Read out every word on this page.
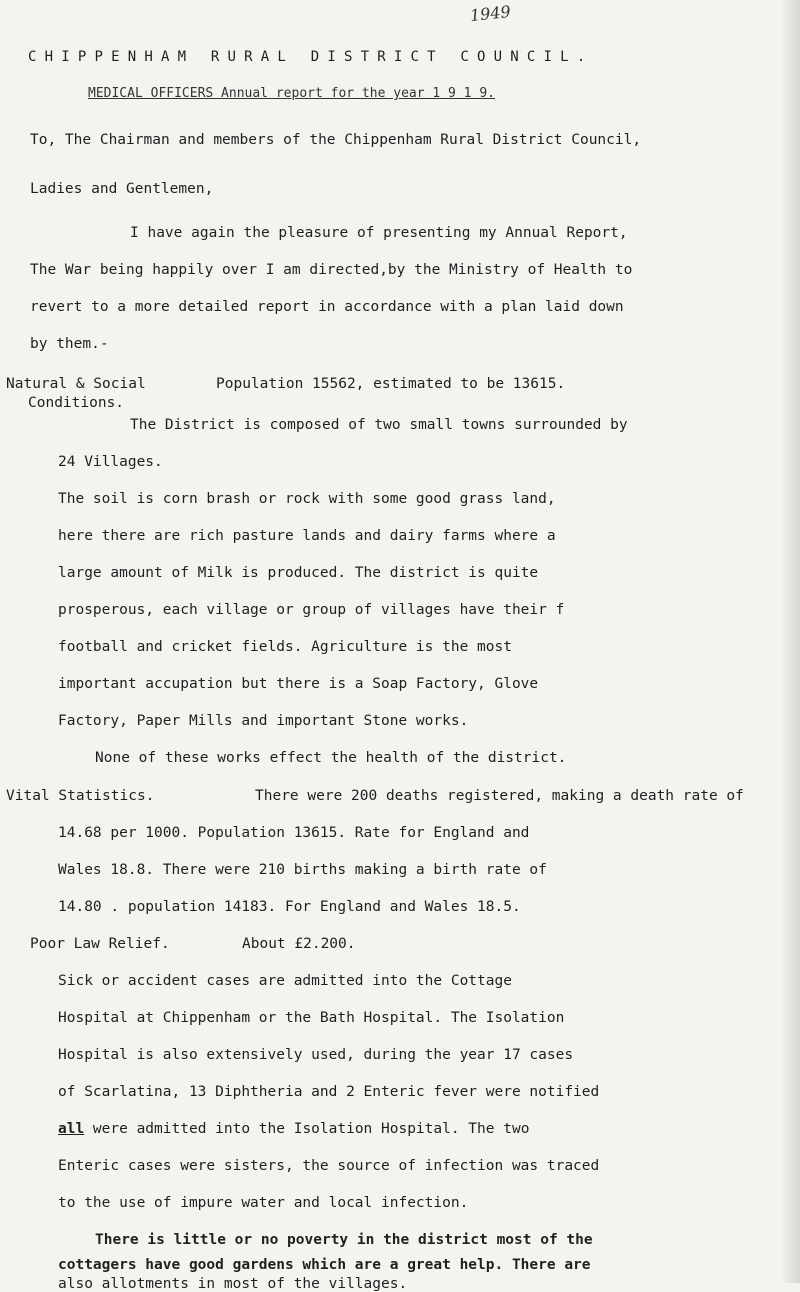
1949

CHIPPENHAM RURAL DISTRICT COUNCIL.

MEDICAL OFFICERS Annual report for the year 1 9 1 9.

To, The Chairman and members of the Chippenham Rural District Council,

Ladies and Gentlemen,

I have again the pleasure of presenting my Annual Report,

The War being happily over I am directed,by the Ministry of Health to

revert to a more detailed report in accordance with a plan laid down

by them.-

Natural & Social

Conditions.

Population 15562, estimated to be 13615.

The District is composed of two small towns surrounded by

24 Villages.

The soil is corn brash or rock with some good grass land,

here there are rich pasture lands and dairy farms where a

large amount of Milk is produced. The district is quite

prosperous, each village or group of villages have their f

football and cricket fields. Agriculture is the most

important accupation but there is a Soap Factory, Glove

Factory, Paper Mills and important Stone works.

None of these works effect the health of the district.

Vital Statistics.	There were 200 deaths registered, making a death rate of

14.68 per 1000. Population 13615. Rate for England and

Wales 18.8. There were 210 births making a birth rate of

14.80 . population 14183. For England and Wales 18.5.

Poor Law Relief.	About £2.200.

Sick or accident cases are admitted into the Cottage

Hospital at Chippenham or the Bath Hospital. The Isolation

Hospital is also extensively used, during the year 17 cases

of Scarlatina, 13 Diphtheria and 2 Enteric fever were notified

all were admitted into the Isolation Hospital. The two

Enteric cases were sisters, the source of infection was traced

to the use of impure water and local infection.

There is little or no poverty in the district most of the

cottagers have good gardens which are a great help. There are

also allotments in most of the villages.
